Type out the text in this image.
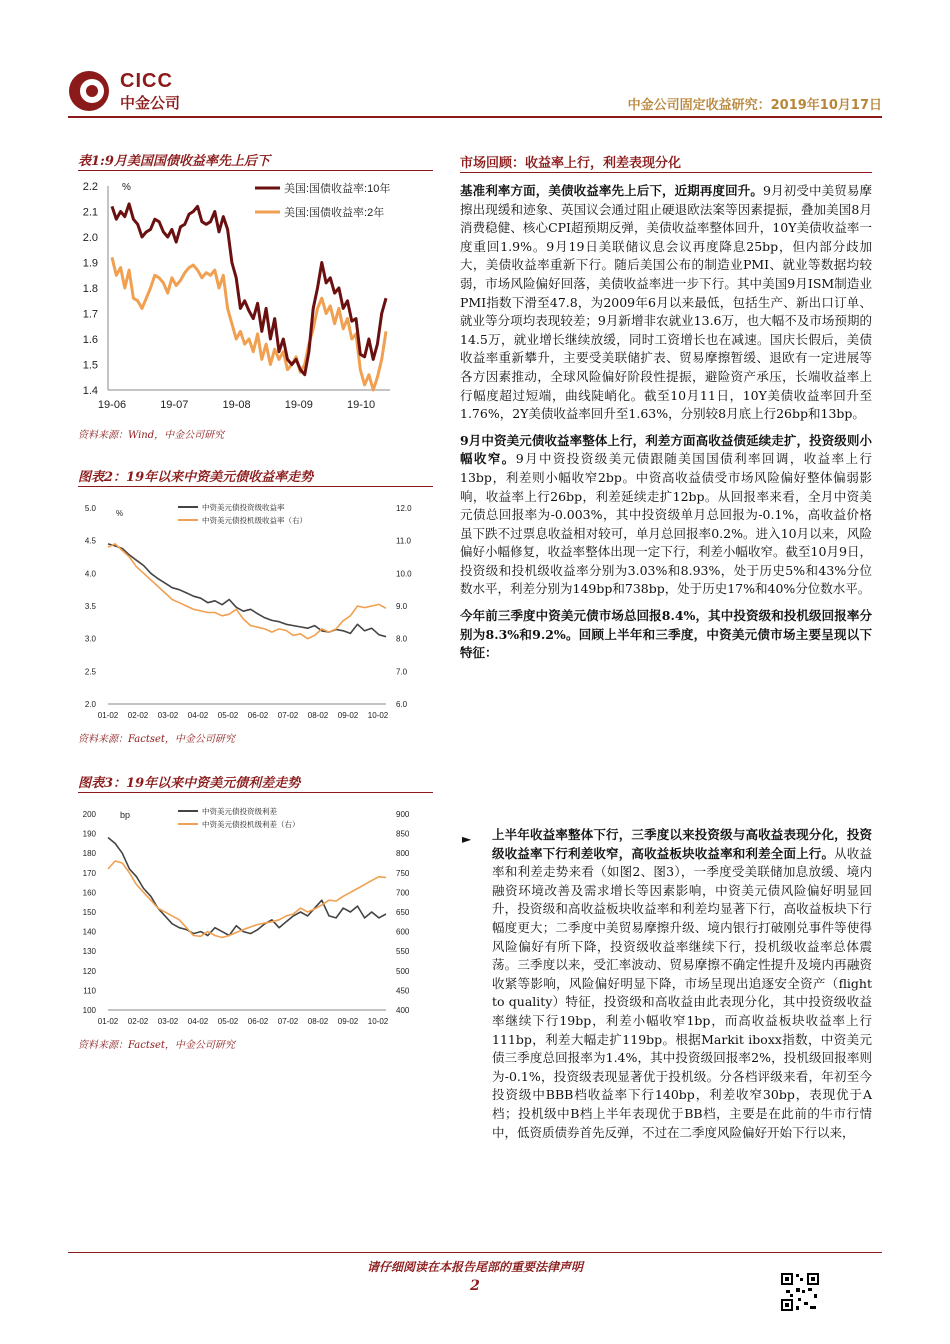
CICC
中金公司	中金公司固定收益研究：2019年10月17日
表1:9月美国国债收益率先上后下
%	美国:国债收益率:10年
美国:国债收益率:2年
1.4
1.5
1.6
1.7
1.8
1.9
2.0
2.1
2.2
19-06	19-07	19-08	19-09	19-10
资料来源：Wind，中金公司研究
图表2：19年以来中资美元债收益率走势
%
中资美元债投资级收益率
中资美元债投机级收益率（右）
2.0
2.5
3.0
3.5
4.0
4.5
5.0
6.0
7.0
8.0
9.0
10.0
11.0
12.0
01-02 02-02 03-02 04-02 05-02 06-02 07-02 08-02 09-02 10-02
资料来源：Factset，中金公司研究
图表3：19年以来中资美元债利差走势
bp	中资美元债投资级利差
中资美元债投机级利差（右）
100
110
120
130
140
150
160
170
180
190
200
400
450
500
550
600
650
700
750
800
850
900
01-02 02-02 03-02 04-02 05-02 06-02 07-02 08-02 09-02 10-02
资料来源：Factset，中金公司研究
市场回顾：收益率上行，利差表现分化

基准利率方面，美债收益率先上后下，近期再度回升。9月初受中美贸易摩擦出现缓和迹象、英国议会通过阻止硬退欧法案等因素提振，叠加美国8月消费稳健、核心CPI超预期反弹，美债收益率整体回升，10Y美债收益率一度重回1.9%。9月19日美联储议息会议再度降息25bp，但内部分歧加大，美债收益率重新下行。随后美国公布的制造业PMI、就业等数据均较弱，市场风险偏好回落，美债收益率进一步下行。其中美国9月ISM制造业PMI指数下滑至47.8，为2009年6月以来最低，包括生产、新出口订单、就业等分项均表现较差；9月新增非农就业13.6万，也大幅不及市场预期的14.5万，就业增长继续放缓，同时工资增长也在减速。国庆长假后，美债收益率重新攀升，主要受美联储扩表、贸易摩擦暂缓、退欧有一定进展等各方因素推动，全球风险偏好阶段性提振，避险资产承压，长端收益率上行幅度超过短端，曲线陡峭化。截至10月11日，10Y美债收益率回升至1.76%，2Y美债收益率回升至1.63%，分别较8月底上行26bp和13bp。

9月中资美元债收益率整体上行，利差方面高收益债延续走扩，投资级则小幅收窄。9月中资投资级美元债跟随美国国债利率回调，收益率上行13bp，利差则小幅收窄2bp。中资高收益债受市场风险偏好整体偏弱影响，收益率上行26bp，利差延续走扩12bp。从回报率来看，全月中资美元债总回报率为-0.003%，其中投资级单月总回报为-0.1%，高收益价格虽下跌不过票息收益相对较可，单月总回报率0.2%。进入10月以来，风险偏好小幅修复，收益率整体出现一定下行，利差小幅收窄。截至10月9日，投资级和投机级收益率分别为3.03%和8.93%，处于历史5%和43%分位数水平，利差分别为149bp和738bp，处于历史17%和40%分位数水平。

今年前三季度中资美元债市场总回报8.4%，其中投资级和投机级回报率分别为8.3%和9.2%。回顾上半年和三季度，中资美元债市场主要呈现以下特征：

► 上半年收益率整体下行，三季度以来投资级与高收益表现分化，投资级收益率下行利差收窄，高收益板块收益率和利差全面上行。从收益率和利差走势来看（如图2、图3），一季度受美联储加息放缓、境内融资环境改善及需求增长等因素影响，中资美元债风险偏好明显回升，投资级和高收益板块收益率和利差均显著下行，高收益板块下行幅度更大；二季度中美贸易摩擦升级、境内银行打破刚兑事件等使得风险偏好有所下降，投资级收益率继续下行，投机级收益率总体震荡。三季度以来，受汇率波动、贸易摩擦不确定性提升及境内再融资收紧等影响，风险偏好明显下降，市场呈现出追逐安全资产（flight to quality）特征，投资级和高收益由此表现分化，其中投资级收益率继续下行19bp，利差小幅收窄1bp，而高收益板块收益率上行111bp，利差大幅走扩119bp。根据Markit iboxx指数，中资美元债三季度总回报率为1.4%，其中投资级回报率2%，投机级回报率则为-0.1%，投资级表现显著优于投机级。分各档评级来看，年初至今投资级中BBB档收益率下行140bp，利差收窄30bp，表现优于A档；投机级中B档上半年表现优于BB档，主要是在此前的牛市行情中，低资质债券首先反弹，不过在二季度风险偏好开始下行以来，

请仔细阅读在本报告尾部的重要法律声明
2
